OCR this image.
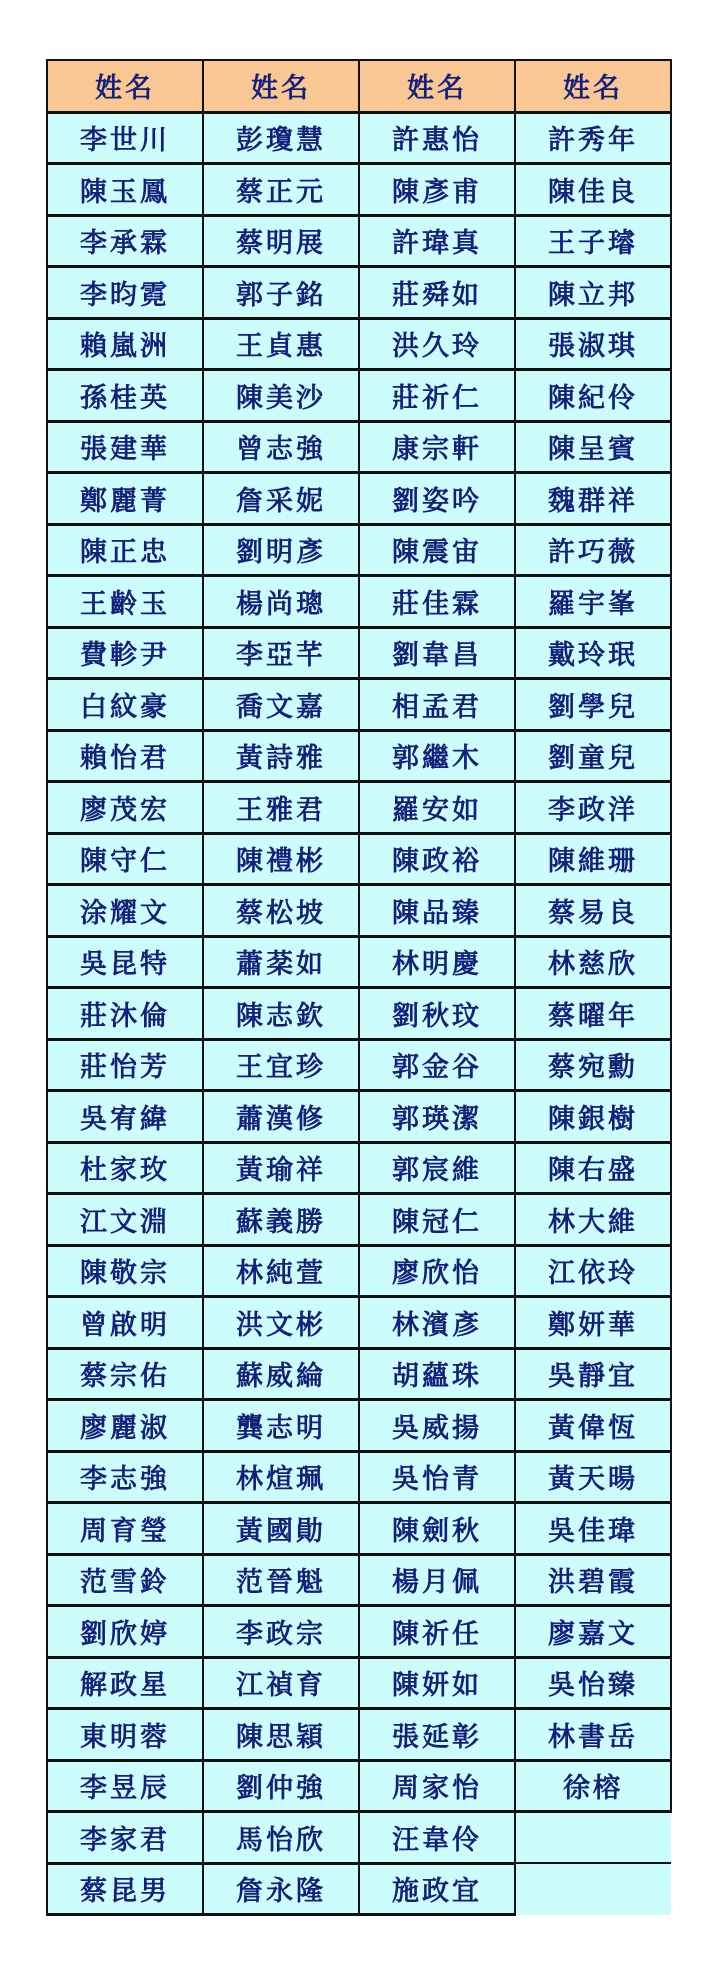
姓名	姓名	姓名	姓名
李世川	彭瓊慧	許惠怡	許秀年
陳玉鳳	蔡正元	陳彥甫	陳佳良
李承霖	蔡明展	許瑋真	王子璿
李昀霓	郭子銘	莊舜如	陳立邦
賴嵐洲	王貞惠	洪久玲	張淑琪
孫桂英	陳美沙	莊祈仁	陳紀伶
張建華	曾志強	康宗軒	陳呈賓
鄭麗菁	詹采妮	劉姿吟	魏群祥
陳正忠	劉明彥	陳震宙	許巧薇
王齡玉	楊尚璁	莊佳霖	羅宇峯
費軫尹	李亞芊	劉韋昌	戴玲珉
白紋豪	喬文嘉	相孟君	劉學兒
賴怡君	黃詩雅	郭繼木	劉童兒
廖茂宏	王雅君	羅安如	李政洋
陳守仁	陳禮彬	陳政裕	陳維珊
涂耀文	蔡松坡	陳品臻	蔡易良
吳昆特	蕭棻如	林明慶	林慈欣
莊沐倫	陳志欽	劉秋玟	蔡曜年
莊怡芳	王宜珍	郭金谷	蔡宛勳
吳宥緯	蕭漢修	郭瑛潔	陳銀樹
杜家玫	黃瑜祥	郭宸維	陳右盛
江文淵	蘇義勝	陳冠仁	林大維
陳敬宗	林純萱	廖欣怡	江依玲
曾啟明	洪文彬	林濱彥	鄭妍華
蔡宗佑	蘇威綸	胡蘊珠	吳靜宜
廖麗淑	龔志明	吳威揚	黃偉恆
李志強	林煊珮	吳怡青	黃天暘
周育瑩	黃國勛	陳劍秋	吳佳瑋
范雪鈴	范晉魁	楊月佩	洪碧霞
劉欣婷	李政宗	陳祈任	廖嘉文
解政星	江禎育	陳妍如	吳怡臻
東明蓉	陳思穎	張延彰	林書岳
李昱辰	劉仲強	周家怡	徐榕
李家君	馬怡欣	汪韋伶	
蔡昆男	詹永隆	施政宜	
